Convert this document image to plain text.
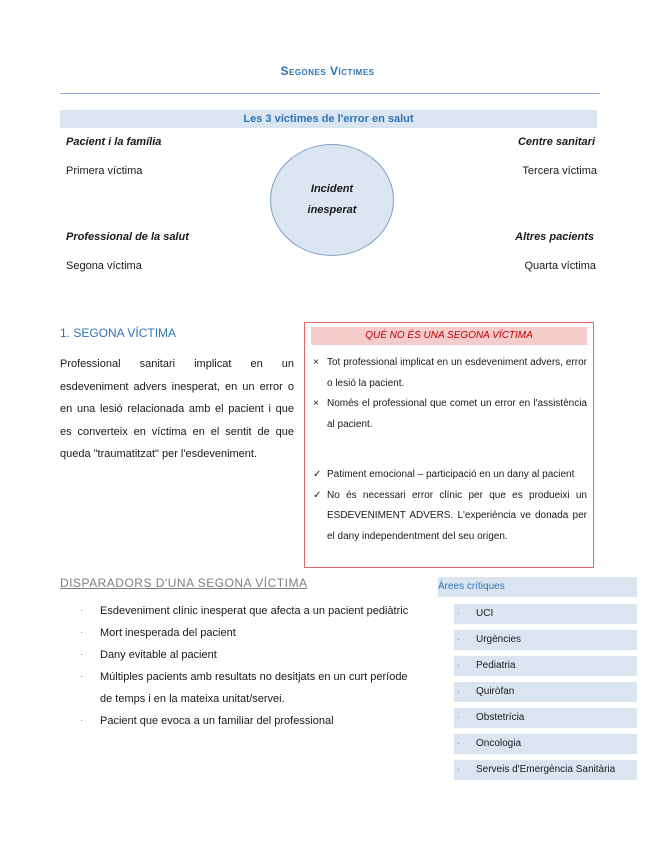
Segones Víctimes
Les 3 víctimes de l'error en salut
Pacient i la família
Primera víctima
Centre sanitari
Tercera víctima
Incident
inesperat
Professional de la salut
Segona víctima
Altres pacients
Quarta víctima
1. SEGONA VÍCTIMA
Professional sanitari implicat en un esdeveniment advers inesperat, en un error o en una lesió relacionada amb el pacient i que es converteix en víctima en el sentit de que queda "traumatitzat" per l'esdeveniment.
QUÈ NO ÉS UNA SEGONA VÍCTIMA
× Tot professional implicat en un esdeveniment advers, error o lesió la pacient.
× Només el professional que comet un error en l'assistència al pacient.
✓ Patiment emocional – participació en un dany al pacient
✓ No és necessari error clínic per que es produeixi un ESDEVENIMENT ADVERS. L'experiència ve donada per el dany independentment del seu origen.
DISPARADORS D'UNA SEGONA VÍCTIMA
· Esdeveniment clínic inesperat que afecta a un pacient pediàtric
· Mort inesperada del pacient
· Dany evitable al pacient
· Múltiples pacients amb resultats no desitjats en un curt període de temps i en la mateixa unitat/servei.
· Pacient que evoca a un familiar del professional
Àrees crítiques
· UCI
· Urgències
· Pediatria
· Quiròfan
· Obstetrícia
· Oncologia
· Serveis d'Emergència Sanitària
